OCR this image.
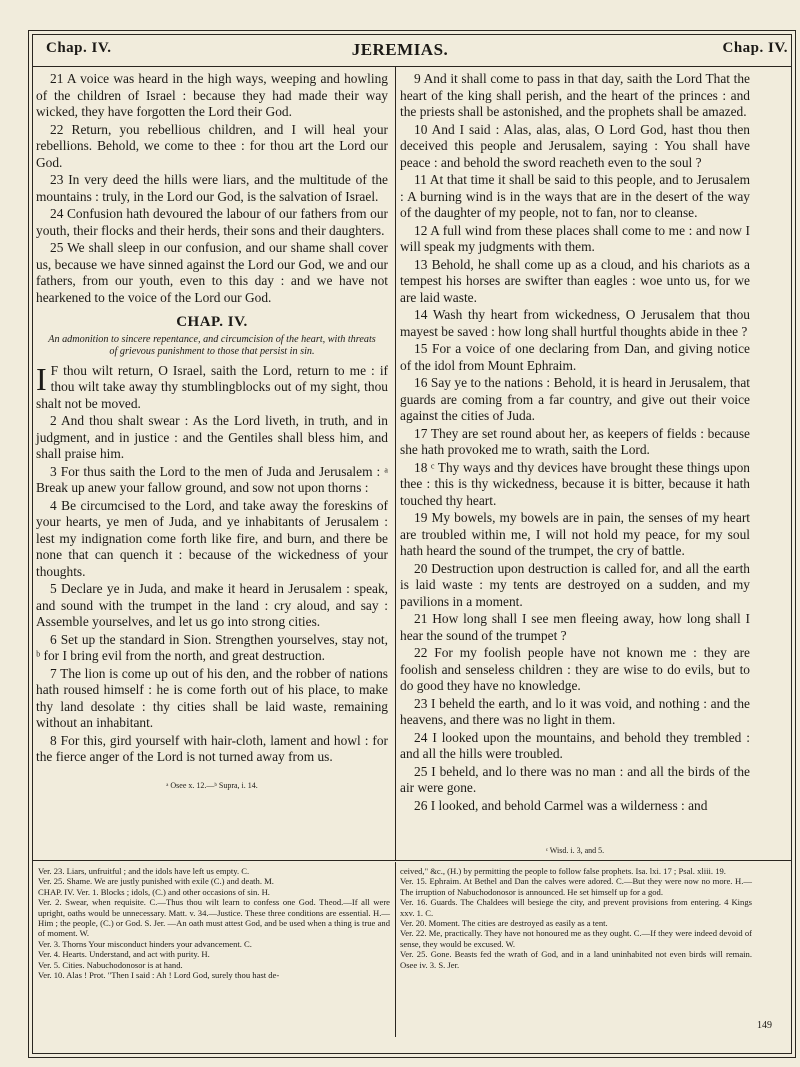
JEREMIAS.
Chap. IV.	Chap. IV.

21 A voice was heard in the high ways, weeping and howling of the children of Israel : because they had made their way wicked, they have forgotten the Lord their God.

22 Return, you rebellious children, and I will heal your rebellions. Behold, we come to thee : for thou art the Lord our God.

23 In very deed the hills were liars, and the multitude of the mountains : truly, in the Lord our God, is the salvation of Israel.

24 Confusion hath devoured the labour of our fathers from our youth, their flocks and their herds, their sons and their daughters.

25 We shall sleep in our confusion, and our shame shall cover us, because we have sinned against the Lord our God, we and our fathers, from our youth, even to this day : and we have not hearkened to the voice of the Lord our God.

CHAP. IV.
An admonition to sincere repentance, and circumcision of the heart, with threats of grievous punishment to those that persist in sin.

I F thou wilt return, O Israel, saith the Lord, return to me : if thou wilt take away thy stumblingblocks out of my sight, thou shalt not be moved.

2 And thou shalt swear : As the Lord liveth, in truth, and in judgment, and in justice : and the Gentiles shall bless him, and shall praise him.

3 For thus saith the Lord to the men of Juda and Jerusalem : ᵃ Break up anew your fallow ground, and sow not upon thorns :

4 Be circumcised to the Lord, and take away the foreskins of your hearts, ye men of Juda, and ye inhabitants of Jerusalem : lest my indignation come forth like fire, and burn, and there be none that can quench it : because of the wickedness of your thoughts.

5 Declare ye in Juda, and make it heard in Jerusalem : speak, and sound with the trumpet in the land : cry aloud, and say : Assemble yourselves, and let us go into strong cities.

6 Set up the standard in Sion. Strengthen yourselves, stay not, ᵇ for I bring evil from the north, and great destruction.

7 The lion is come up out of his den, and the robber of nations hath roused himself : he is come forth out of his place, to make thy land desolate : thy cities shall be laid waste, remaining without an inhabitant.

8 For this, gird yourself with hair-cloth, lament and howl : for the fierce anger of the Lord is not turned away from us.

ᵃ Osee x. 12.—ᵇ Supra, i. 14.

9 And it shall come to pass in that day, saith the Lord That the heart of the king shall perish, and the heart of the princes : and the priests shall be astonished, and the prophets shall be amazed.

10 And I said : Alas, alas, alas, O Lord God, hast thou then deceived this people and Jerusalem, saying : You shall have peace : and behold the sword reacheth even to the soul ?

11 At that time it shall be said to this people, and to Jerusalem : A burning wind is in the ways that are in the desert of the way of the daughter of my people, not to fan, nor to cleanse.

12 A full wind from these places shall come to me : and now I will speak my judgments with them.

13 Behold, he shall come up as a cloud, and his chariots as a tempest his horses are swifter than eagles : woe unto us, for we are laid waste.

14 Wash thy heart from wickedness, O Jerusalem that thou mayest be saved : how long shall hurtful thoughts abide in thee ?

15 For a voice of one declaring from Dan, and giving notice of the idol from Mount Ephraim.

16 Say ye to the nations : Behold, it is heard in Jerusalem, that guards are coming from a far country, and give out their voice against the cities of Juda.

17 They are set round about her, as keepers of fields : because she hath provoked me to wrath, saith the Lord.

18 ᶜ Thy ways and thy devices have brought these things upon thee : this is thy wickedness, because it is bitter, because it hath touched thy heart.

19 My bowels, my bowels are in pain, the senses of my heart are troubled within me, I will not hold my peace, for my soul hath heard the sound of the trumpet, the cry of battle.

20 Destruction upon destruction is called for, and all the earth is laid waste : my tents are destroyed on a sudden, and my pavilions in a moment.

21 How long shall I see men fleeing away, how long shall I hear the sound of the trumpet ?

22 For my foolish people have not known me : they are foolish and senseless children : they are wise to do evils, but to do good they have no knowledge.

23 I beheld the earth, and lo it was void, and nothing : and the heavens, and there was no light in them.

24 I looked upon the mountains, and behold they trembled : and all the hills were troubled.

25 I beheld, and lo there was no man : and all the birds of the air were gone.

26 I looked, and behold Carmel was a wilderness : and

ᶜ Wisd. i. 3, and 5.

Ver. 23. Liars, unfruitful ; and the idols have left us empty. C.

Ver. 25. Shame. We are justly punished with exile (C.) and death. M.

CHAP. IV. Ver. 1. Blocks ; idols, (C.) and other occasions of sin. H.

Ver. 2. Swear, when requisite. C.—Thus thou wilt learn to confess one God. Theod.—If all were upright, oaths would be unnecessary. Matt. v. 34.—Justice. These three conditions are essential. H.—Him ; the people, (C.) or God. S. Jer. —An oath must attest God, and be used when a thing is true and of moment. W.

Ver. 3. Thorns Your misconduct hinders your advancement. C.

Ver. 4. Hearts. Understand, and act with purity. H.

Ver. 5. Cities. Nabuchodonosor is at hand.

Ver. 10. Alas ! Prot. "Then I said : Ah ! Lord God, surely thou hast de-

ceived," &c., (H.) by permitting the people to follow false prophets. Isa. lxi. 17 ; Psal. xliii. 19.

Ver. 15. Ephraim. At Bethel and Dan the calves were adored. C.—But they were now no more. H.—The irruption of Nabuchodonosor is announced. He set himself up for a god.

Ver. 16. Guards. The Chaldees will besiege the city, and prevent provisions from entering. 4 Kings xxv. 1. C.

Ver. 20. Moment. The cities are destroyed as easily as a tent.

Ver. 22. Me, practically. They have not honoured me as they ought. C.—If they were indeed devoid of sense, they would be excused. W.

Ver. 25. Gone. Beasts fed the wrath of God, and in a land uninhabited not even birds will remain. Osee iv. 3. S. Jer.

149
